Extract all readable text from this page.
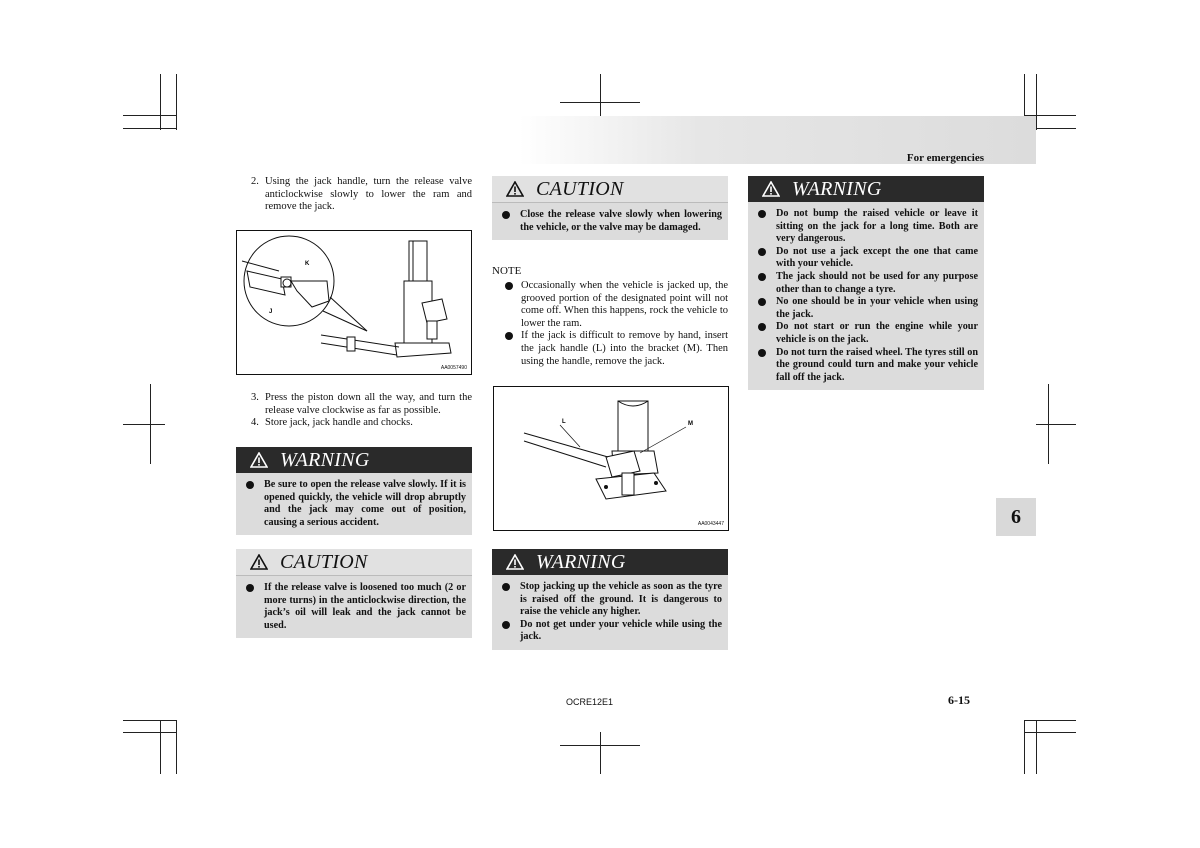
For emergencies
2. Using the jack handle, turn the release valve anticlockwise slowly to lower the ram and remove the jack.
K
J
AA0057490
3. Press the piston down all the way, and turn the release valve clockwise as far as possible.
4. Store jack, jack handle and chocks.
WARNING
Be sure to open the release valve slowly. If it is opened quickly, the vehicle will drop abruptly and the jack may come out of position, causing a serious accident.
CAUTION
If the release valve is loosened too much (2 or more turns) in the anticlockwise direction, the jack’s oil will leak and the jack cannot be used.
CAUTION
Close the release valve slowly when lowering the vehicle, or the valve may be damaged.
NOTE
Occasionally when the vehicle is jacked up, the grooved portion of the designated point will not come off. When this happens, rock the vehicle to lower the ram.
If the jack is difficult to remove by hand, insert the jack handle (L) into the bracket (M). Then using the handle, remove the jack.
L	M
AA0043447
WARNING
Stop jacking up the vehicle as soon as the tyre is raised off the ground. It is dangerous to raise the vehicle any higher.
Do not get under your vehicle while using the jack.
WARNING
Do not bump the raised vehicle or leave it sitting on the jack for a long time. Both are very dangerous.
Do not use a jack except the one that came with your vehicle.
The jack should not be used for any purpose other than to change a tyre.
No one should be in your vehicle when using the jack.
Do not start or run the engine while your vehicle is on the jack.
Do not turn the raised wheel. The tyres still on the ground could turn and make your vehicle fall off the jack.
6
OCRE12E1	6-15
